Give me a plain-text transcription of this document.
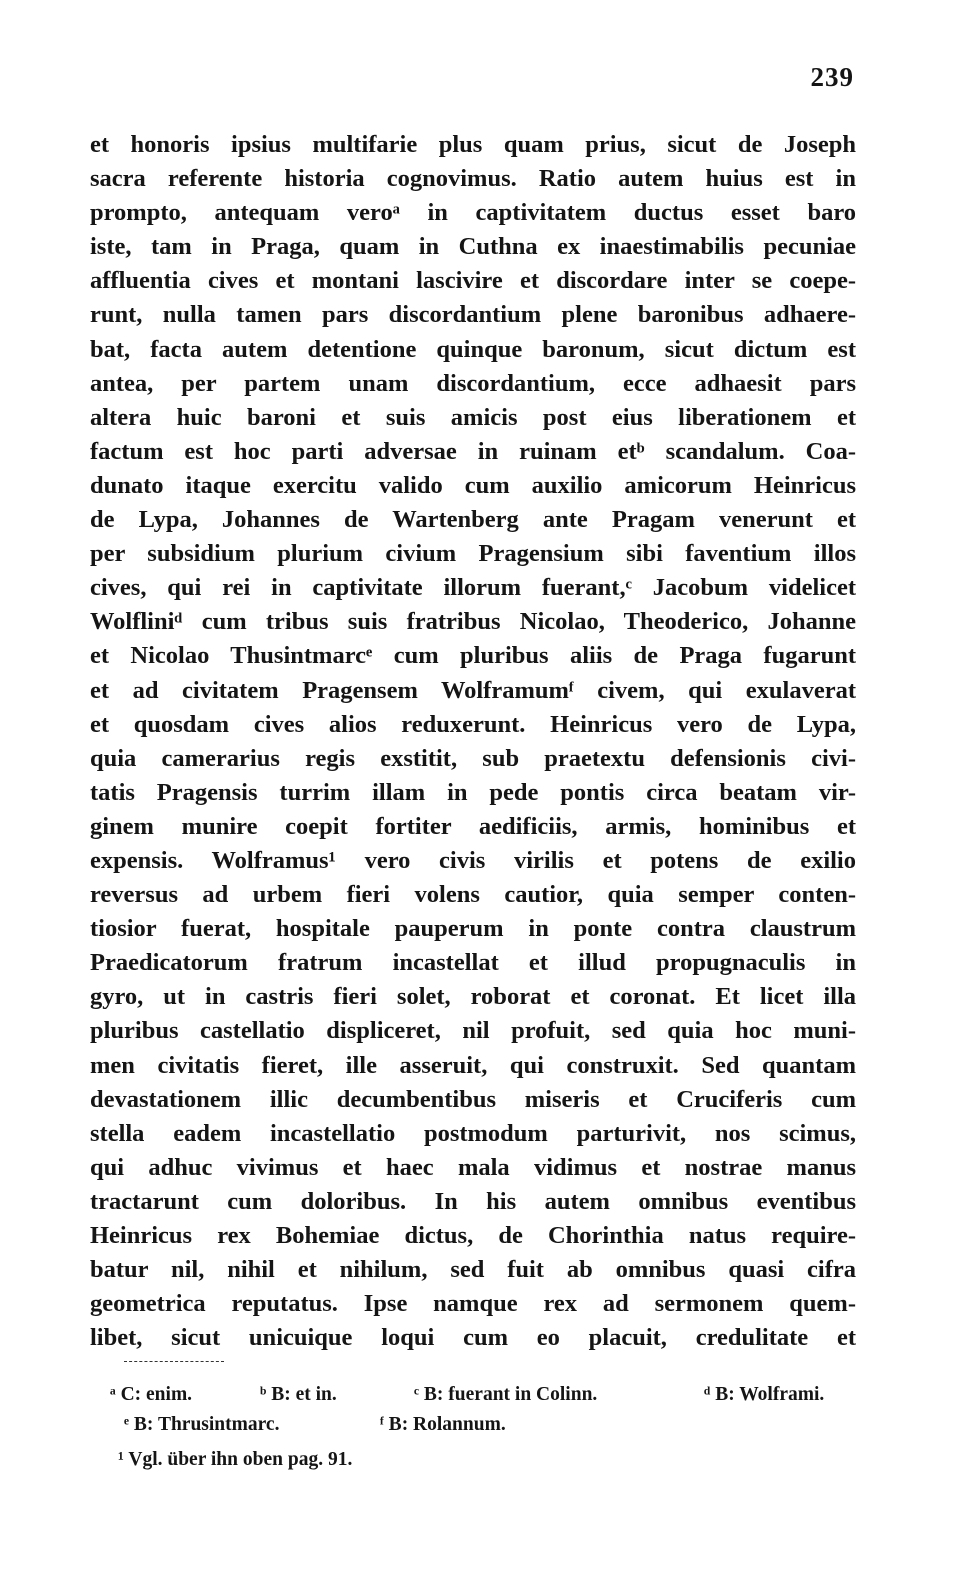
239
et honoris ipsius multifarie plus quam prius, sicut de Joseph
sacra referente historia cognovimus. Ratio autem huius est in
prompto, antequam veroᵃ in captivitatem ductus esset baro
iste, tam in Praga, quam in Cuthna ex inaestimabilis pecuniae
affluentia cives et montani lascivire et discordare inter se coepe-
runt, nulla tamen pars discordantium plene baronibus adhaere-
bat, facta autem detentione quinque baronum, sicut dictum est
antea, per partem unam discordantium, ecce adhaesit pars
altera huic baroni et suis amicis post eius liberationem et
factum est hoc parti adversae in ruinam etᵇ scandalum. Coa-
dunato itaque exercitu valido cum auxilio amicorum Heinricus
de Lypa, Johannes de Wartenberg ante Pragam venerunt et
per subsidium plurium civium Pragensium sibi faventium illos
cives, qui rei in captivitate illorum fuerant,ᶜ Jacobum videlicet
Wolfliniᵈ cum tribus suis fratribus Nicolao, Theoderico, Johanne
et Nicolao Thusintmarcᵉ cum pluribus aliis de Praga fugarunt
et ad civitatem Pragensem Wolframumᶠ civem, qui exulaverat
et quosdam cives alios reduxerunt. Heinricus vero de Lypa,
quia camerarius regis exstitit, sub praetextu defensionis civi-
tatis Pragensis turrim illam in pede pontis circa beatam vir-
ginem munire coepit fortiter aedificiis, armis, hominibus et
expensis. Wolframus¹ vero civis virilis et potens de exilio
reversus ad urbem fieri volens cautior, quia semper conten-
tiosior fuerat, hospitale pauperum in ponte contra claustrum
Praedicatorum fratrum incastellat et illud propugnaculis in
gyro, ut in castris fieri solet, roborat et coronat. Et licet illa
pluribus castellatio displiceret, nil profuit, sed quia hoc muni-
men civitatis fieret, ille asseruit, qui construxit. Sed quantam
devastationem illic decumbentibus miseris et Cruciferis cum
stella eadem incastellatio postmodum parturivit, nos scimus,
qui adhuc vivimus et haec mala vidimus et nostrae manus
tractarunt cum doloribus. In his autem omnibus eventibus
Heinricus rex Bohemiae dictus, de Chorinthia natus require-
batur nil, nihil et nihilum, sed fuit ab omnibus quasi cifra
geometrica reputatus. Ipse namque rex ad sermonem quem-
libet, sicut unicuique loqui cum eo placuit, credulitate et
ᵃ C: enim.	ᵇ B: et in.	ᶜ B: fuerant in Colinn.	ᵈ B: Wolframi.
ᵉ B: Thrusintmarc.	ᶠ B: Rolannum.
¹ Vgl. über ihn oben pag. 91.
